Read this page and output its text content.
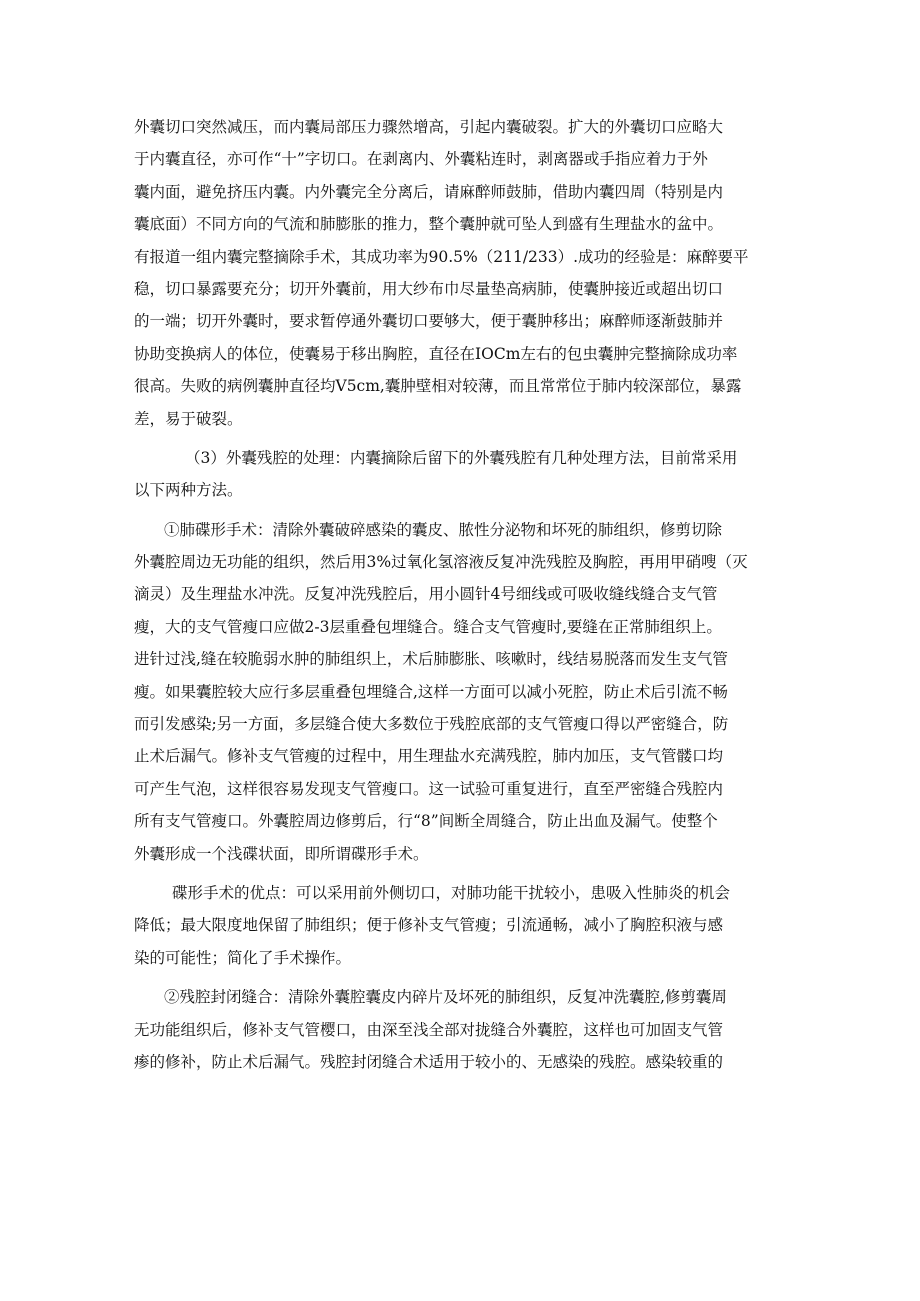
外囊切口突然减压，而内囊局部压力骤然增高，引起内囊破裂。扩大的外囊切口应略大
于内囊直径，亦可作“十”字切口。在剥离内、外囊粘连时，剥离器或手指应着力于外
囊内面，避免挤压内囊。内外囊完全分离后，请麻醉师鼓肺，借助内囊四周（特别是内
囊底面）不同方向的气流和肺膨胀的推力，整个囊肿就可坠人到盛有生理盐水的盆中。
有报道一组内囊完整摘除手术，其成功率为90.5%（211/233）.成功的经验是：麻醉要平
稳，切口暴露要充分；切开外囊前，用大纱布巾尽量垫高病肺，使囊肿接近或超出切口
的一端；切开外囊时，要求暂停通外囊切口要够大，便于囊肿移出；麻醉师逐渐鼓肺并
协助变换病人的体位，使囊易于移出胸腔，直径在IOCm左右的包虫囊肿完整摘除成功率
很高。失败的病例囊肿直径均V5cm,囊肿壁相对较薄，而且常常位于肺内较深部位，暴露
差，易于破裂。
（3）外囊残腔的处理：内囊摘除后留下的外囊残腔有几种处理方法，目前常采用
以下两种方法。
①肺碟形手术：清除外囊破碎感染的囊皮、脓性分泌物和坏死的肺组织，修剪切除
外囊腔周边无功能的组织，然后用3%过氧化氢溶液反复冲洗残腔及胸腔，再用甲硝嗖（灭
滴灵）及生理盐水冲洗。反复冲洗残腔后，用小圆针4号细线或可吸收缝线缝合支气管
瘦，大的支气管瘦口应做2-3层重叠包埋缝合。缝合支气管瘦时,要缝在正常肺组织上。
进针过浅,缝在较脆弱水肿的肺组织上，术后肺膨胀、咳嗽时，线结易脱落而发生支气管
瘦。如果囊腔较大应行多层重叠包埋缝合,这样一方面可以减小死腔，防止术后引流不畅
而引发感染;另一方面，多层缝合使大多数位于残腔底部的支气管瘦口得以严密缝合，防
止术后漏气。修补支气管瘦的过程中，用生理盐水充满残腔，肺内加压，支气管髅口均
可产生气泡，这样很容易发现支气管瘦口。这一试验可重复进行，直至严密缝合残腔内
所有支气管瘦口。外囊腔周边修剪后，行“8”间断全周缝合，防止出血及漏气。使整个
外囊形成一个浅碟状面，即所谓碟形手术。
碟形手术的优点：可以采用前外侧切口，对肺功能干扰较小，患吸入性肺炎的机会
降低；最大限度地保留了肺组织；便于修补支气管瘦；引流通畅，减小了胸腔积液与感
染的可能性；简化了手术操作。
②残腔封闭缝合：清除外囊腔囊皮内碎片及坏死的肺组织，反复冲洗囊腔,修剪囊周
无功能组织后，修补支气管樱口，由深至浅全部对拢缝合外囊腔，这样也可加固支气管
瘆的修补，防止术后漏气。残腔封闭缝合术适用于较小的、无感染的残腔。感染较重的
